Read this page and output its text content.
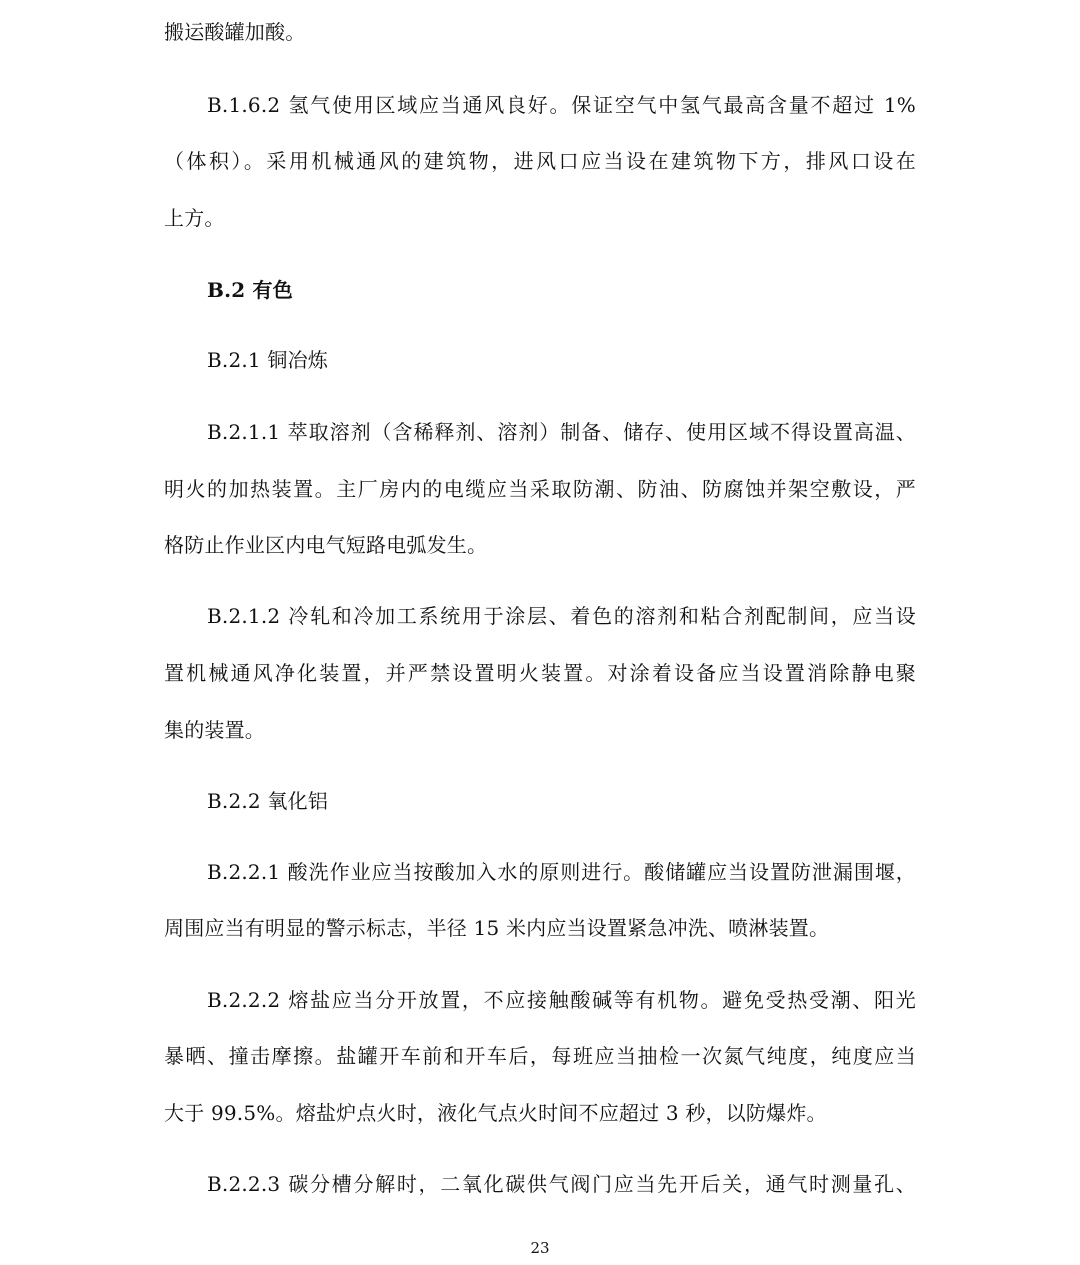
搬运酸罐加酸。
B.1.6.2 氢气使用区域应当通风良好。保证空气中氢气最高含量不超过 1%
（体积）。采用机械通风的建筑物，进风口应当设在建筑物下方，排风口设在
上方。
B.2 有色
B.2.1 铜冶炼
B.2.1.1 萃取溶剂（含稀释剂、溶剂）制备、储存、使用区域不得设置高温、
明火的加热装置。主厂房内的电缆应当采取防潮、防油、防腐蚀并架空敷设，严
格防止作业区内电气短路电弧发生。
B.2.1.2 冷轧和冷加工系统用于涂层、着色的溶剂和粘合剂配制间，应当设
置机械通风净化装置，并严禁设置明火装置。对涂着设备应当设置消除静电聚
集的装置。
B.2.2 氧化铝
B.2.2.1 酸洗作业应当按酸加入水的原则进行。酸储罐应当设置防泄漏围堰，
周围应当有明显的警示标志，半径 15 米内应当设置紧急冲洗、喷淋装置。
B.2.2.2 熔盐应当分开放置，不应接触酸碱等有机物。避免受热受潮、阳光
暴晒、撞击摩擦。盐罐开车前和开车后，每班应当抽检一次氮气纯度，纯度应当
大于 99.5%。熔盐炉点火时，液化气点火时间不应超过 3 秒，以防爆炸。
B.2.2.3 碳分槽分解时，二氧化碳供气阀门应当先开后关，通气时测量孔、
23
